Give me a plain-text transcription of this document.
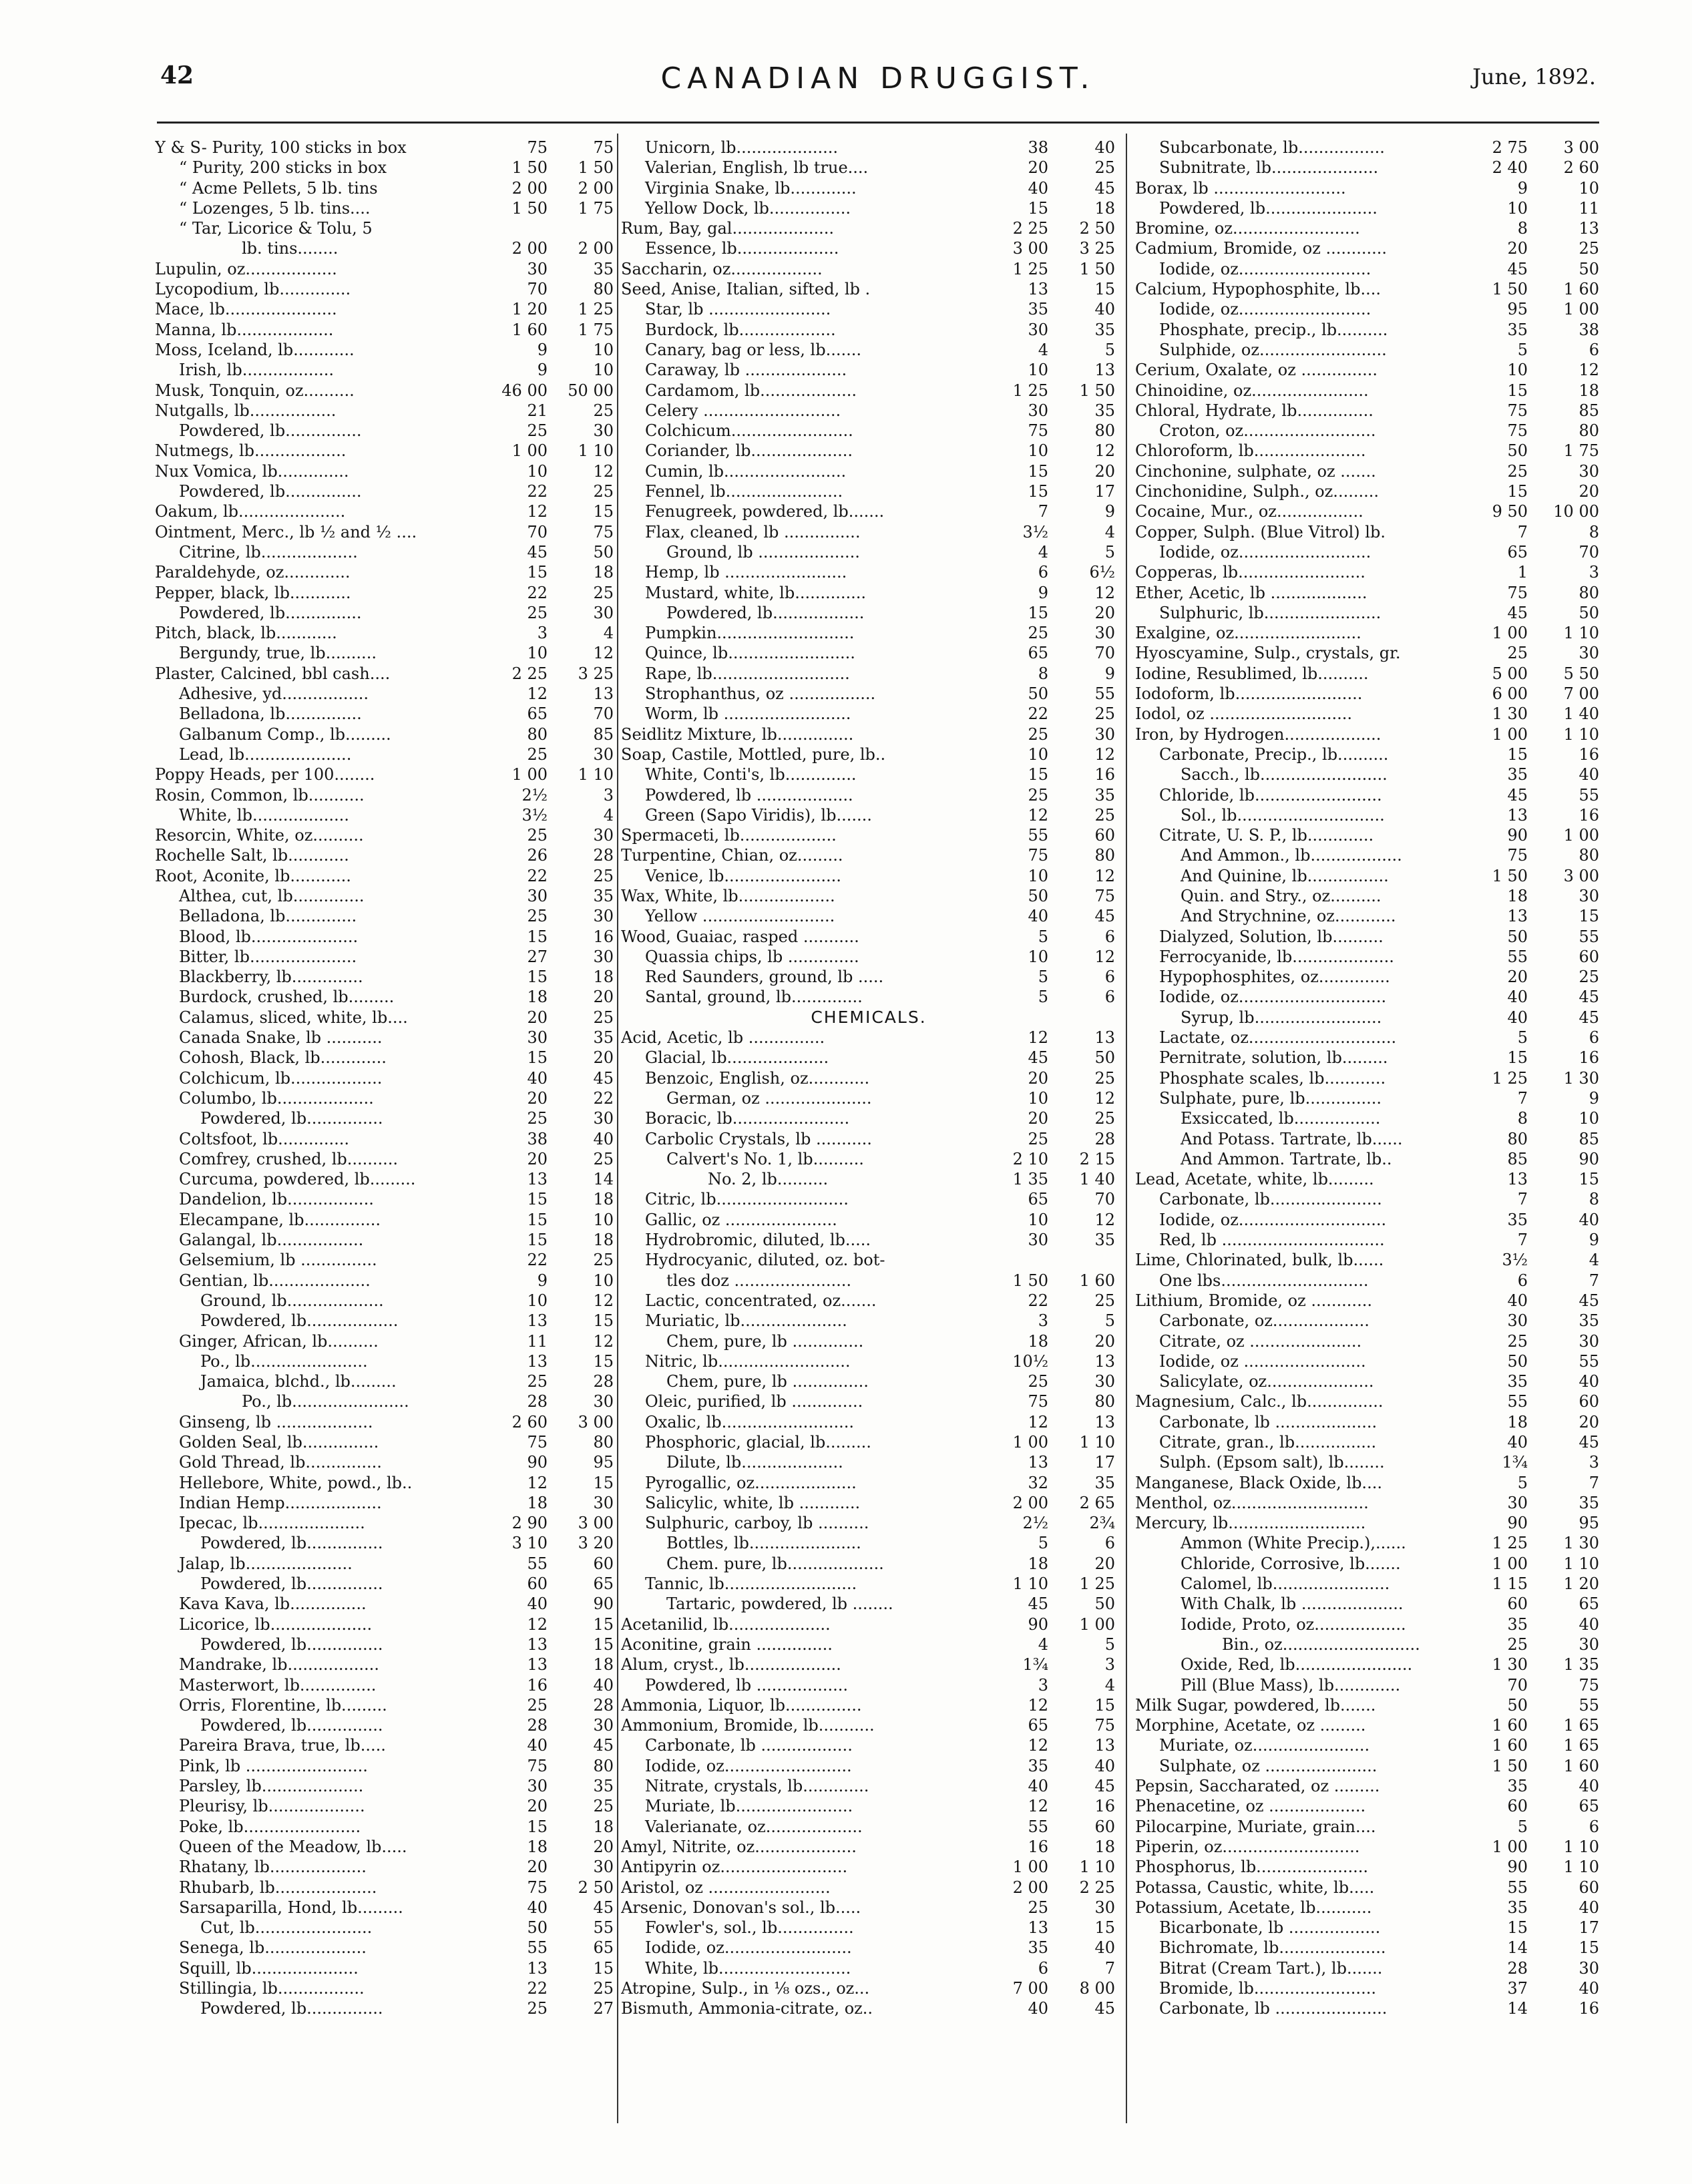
42	CANADIAN DRUGGIST.	June, 1892.
Y & S- Purity, 100 sticks in box	75	75
“ Purity, 200 sticks in box	1 50	1 50
“ Acme Pellets, 5 lb. tins	2 00	2 00
“ Lozenges, 5 lb. tins....	1 50	1 75
“ Tar, Licorice & Tolu, 5
lb. tins........	2 00	2 00
Lupulin, oz..................	30	35
Lycopodium, lb..............	70	80
Mace, lb......................	1 20	1 25
Manna, lb...................	1 60	1 75
Moss, Iceland, lb............	9	10
Irish, lb..................	9	10
Musk, Tonquin, oz..........	46 00	50 00
Nutgalls, lb.................	21	25
Powdered, lb...............	25	30
Nutmegs, lb..................	1 00	1 10
Nux Vomica, lb..............	10	12
Powdered, lb...............	22	25
Oakum, lb.....................	12	15
Ointment, Merc., lb ½ and ½ ....	70	75
Citrine, lb...................	45	50
Paraldehyde, oz.............	15	18
Pepper, black, lb............	22	25
Powdered, lb...............	25	30
Pitch, black, lb............	3	4
Bergundy, true, lb..........	10	12
Plaster, Calcined, bbl cash....	2 25	3 25
Adhesive, yd.................	12	13
Belladona, lb...............	65	70
Galbanum Comp., lb.........	80	85
Lead, lb.....................	25	30
Poppy Heads, per 100........	1 00	1 10
Rosin, Common, lb...........	2½	3
White, lb...................	3½	4
Resorcin, White, oz..........	25	30
Rochelle Salt, lb............	26	28
Root, Aconite, lb............	22	25
Althea, cut, lb..............	30	35
Belladona, lb..............	25	30
Blood, lb.....................	15	16
Bitter, lb.....................	27	30
Blackberry, lb..............	15	18
Burdock, crushed, lb.........	18	20
Calamus, sliced, white, lb....	20	25
Canada Snake, lb ...........	30	35
Cohosh, Black, lb.............	15	20
Colchicum, lb..................	40	45
Columbo, lb...................	20	22
Powdered, lb...............	25	30
Coltsfoot, lb..............	38	40
Comfrey, crushed, lb..........	20	25
Curcuma, powdered, lb.........	13	14
Dandelion, lb.................	15	18
Elecampane, lb...............	15	10
Galangal, lb.................	15	18
Gelsemium, lb ...............	22	25
Gentian, lb....................	9	10
Ground, lb...................	10	12
Powdered, lb..................	13	15
Ginger, African, lb..........	11	12
Po., lb.......................	13	15
Jamaica, blchd., lb.........	25	28
Po., lb.......................	28	30
Ginseng, lb ...................	2 60	3 00
Golden Seal, lb...............	75	80
Gold Thread, lb...............	90	95
Hellebore, White, powd., lb..	12	15
Indian Hemp...................	18	30
Ipecac, lb.....................	2 90	3 00
Powdered, lb...............	3 10	3 20
Jalap, lb.....................	55	60
Powdered, lb...............	60	65
Kava Kava, lb...............	40	90
Licorice, lb....................	12	15
Powdered, lb...............	13	15
Mandrake, lb..................	13	18
Masterwort, lb...............	16	40
Orris, Florentine, lb.........	25	28
Powdered, lb...............	28	30
Pareira Brava, true, lb.....	40	45
Pink, lb ........................	75	80
Parsley, lb....................	30	35
Pleurisy, lb...................	20	25
Poke, lb.......................	15	18
Queen of the Meadow, lb.....	18	20
Rhatany, lb...................	20	30
Rhubarb, lb....................	75	2 50
Sarsaparilla, Hond, lb.........	40	45
Cut, lb.......................	50	55
Senega, lb....................	55	65
Squill, lb.....................	13	15
Stillingia, lb.................	22	25
Powdered, lb...............	25	27
Unicorn, lb....................	38	40
Valerian, English, lb true....	20	25
Virginia Snake, lb.............	40	45
Yellow Dock, lb................	15	18
Rum, Bay, gal....................	2 25	2 50
Essence, lb....................	3 00	3 25
Saccharin, oz..................	1 25	1 50
Seed, Anise, Italian, sifted, lb .	13	15
Star, lb ........................	35	40
Burdock, lb...................	30	35
Canary, bag or less, lb.......	4	5
Caraway, lb ....................	10	13
Cardamom, lb...................	1 25	1 50
Celery ...........................	30	35
Colchicum........................	75	80
Coriander, lb....................	10	12
Cumin, lb........................	15	20
Fennel, lb.......................	15	17
Fenugreek, powdered, lb.......	7	9
Flax, cleaned, lb ...............	3½	4
Ground, lb ....................	4	5
Hemp, lb ........................	6	6½
Mustard, white, lb..............	9	12
Powdered, lb..................	15	20
Pumpkin...........................	25	30
Quince, lb.........................	65	70
Rape, lb...........................	8	9
Strophanthus, oz .................	50	55
Worm, lb .........................	22	25
Seidlitz Mixture, lb...............	25	30
Soap, Castile, Mottled, pure, lb..	10	12
White, Conti's, lb..............	15	16
Powdered, lb ...................	25	35
Green (Sapo Viridis), lb.......	12	25
Spermaceti, lb...................	55	60
Turpentine, Chian, oz.........	75	80
Venice, lb.......................	10	12
Wax, White, lb...................	50	75
Yellow ..........................	40	45
Wood, Guaiac, rasped ...........	5	6
Quassia chips, lb ..............	10	12
Red Saunders, ground, lb .....	5	6
Santal, ground, lb..............	5	6
CHEMICALS.
Acid, Acetic, lb ...............	12	13
Glacial, lb....................	45	50
Benzoic, English, oz............	20	25
German, oz .....................	10	12
Boracic, lb.......................	20	25
Carbolic Crystals, lb ...........	25	28
Calvert's No. 1, lb..........	2 10	2 15
No. 2, lb..........	1 35	1 40
Citric, lb..........................	65	70
Gallic, oz ......................	10	12
Hydrobromic, diluted, lb.....	30	35
Hydrocyanic, diluted, oz. bot-
tles doz .......................	1 50	1 60
Lactic, concentrated, oz.......	22	25
Muriatic, lb.....................	3	5
Chem, pure, lb ..............	18	20
Nitric, lb..........................	10½	13
Chem, pure, lb ...............	25	30
Oleic, purified, lb ..............	75	80
Oxalic, lb..........................	12	13
Phosphoric, glacial, lb.........	1 00	1 10
Dilute, lb....................	13	17
Pyrogallic, oz....................	32	35
Salicylic, white, lb ............	2 00	2 65
Sulphuric, carboy, lb ..........	2½	2¾
Bottles, lb......................	5	6
Chem. pure, lb...................	18	20
Tannic, lb..........................	1 10	1 25
Tartaric, powdered, lb ........	45	50
Acetanilid, lb....................	90	1 00
Aconitine, grain ...............	4	5
Alum, cryst., lb...................	1¾	3
Powdered, lb ..................	3	4
Ammonia, Liquor, lb...............	12	15
Ammonium, Bromide, lb...........	65	75
Carbonate, lb ..................	12	13
Iodide, oz.........................	35	40
Nitrate, crystals, lb.............	40	45
Muriate, lb.......................	12	16
Valerianate, oz...................	55	60
Amyl, Nitrite, oz....................	16	18
Antipyrin oz.........................	1 00	1 10
Aristol, oz ........................	2 00	2 25
Arsenic, Donovan's sol., lb.....	25	30
Fowler's, sol., lb...............	13	15
Iodide, oz.........................	35	40
White, lb..........................	6	7
Atropine, Sulp., in ⅛ ozs., oz...	7 00	8 00
Bismuth, Ammonia-citrate, oz..	40	45
Subcarbonate, lb.................	2 75	3 00
Subnitrate, lb.....................	2 40	2 60
Borax, lb ..........................	9	10
Powdered, lb......................	10	11
Bromine, oz.........................	8	13
Cadmium, Bromide, oz ............	20	25
Iodide, oz..........................	45	50
Calcium, Hypophosphite, lb....	1 50	1 60
Iodide, oz..........................	95	1 00
Phosphate, precip., lb..........	35	38
Sulphide, oz.........................	5	6
Cerium, Oxalate, oz ...............	10	12
Chinoidine, oz.......................	15	18
Chloral, Hydrate, lb...............	75	85
Croton, oz..........................	75	80
Chloroform, lb......................	50	1 75
Cinchonine, sulphate, oz .......	25	30
Cinchonidine, Sulph., oz.........	15	20
Cocaine, Mur., oz.................	9 50	10 00
Copper, Sulph. (Blue Vitrol) lb.	7	8
Iodide, oz..........................	65	70
Copperas, lb.........................	1	3
Ether, Acetic, lb ...................	75	80
Sulphuric, lb.......................	45	50
Exalgine, oz.........................	1 00	1 10
Hyoscyamine, Sulp., crystals, gr.	25	30
Iodine, Resublimed, lb..........	5 00	5 50
Iodoform, lb.........................	6 00	7 00
Iodol, oz ............................	1 30	1 40
Iron, by Hydrogen...................	1 00	1 10
Carbonate, Precip., lb..........	15	16
Sacch., lb.........................	35	40
Chloride, lb.........................	45	55
Sol., lb.............................	13	16
Citrate, U. S. P., lb.............	90	1 00
And Ammon., lb..................	75	80
And Quinine, lb................	1 50	3 00
Quin. and Stry., oz..........	18	30
And Strychnine, oz............	13	15
Dialyzed, Solution, lb..........	50	55
Ferrocyanide, lb....................	55	60
Hypophosphites, oz..............	20	25
Iodide, oz.............................	40	45
Syrup, lb.........................	40	45
Lactate, oz.............................	5	6
Pernitrate, solution, lb.........	15	16
Phosphate scales, lb............	1 25	1 30
Sulphate, pure, lb...............	7	9
Exsiccated, lb.................	8	10
And Potass. Tartrate, lb......	80	85
And Ammon. Tartrate, lb..	85	90
Lead, Acetate, white, lb.........	13	15
Carbonate, lb......................	7	8
Iodide, oz.............................	35	40
Red, lb ................................	7	9
Lime, Chlorinated, bulk, lb......	3½	4
One lbs.............................	6	7
Lithium, Bromide, oz ............	40	45
Carbonate, oz...................	30	35
Citrate, oz ......................	25	30
Iodide, oz ........................	50	55
Salicylate, oz.....................	35	40
Magnesium, Calc., lb...............	55	60
Carbonate, lb ....................	18	20
Citrate, gran., lb................	40	45
Sulph. (Epsom salt), lb........	1¾	3
Manganese, Black Oxide, lb....	5	7
Menthol, oz...........................	30	35
Mercury, lb...........................	90	95
Ammon (White Precip.),......	1 25	1 30
Chloride, Corrosive, lb.......	1 00	1 10
Calomel, lb.......................	1 15	1 20
With Chalk, lb ....................	60	65
Iodide, Proto, oz..................	35	40
Bin., oz...........................	25	30
Oxide, Red, lb.......................	1 30	1 35
Pill (Blue Mass), lb.............	70	75
Milk Sugar, powdered, lb.......	50	55
Morphine, Acetate, oz .........	1 60	1 65
Muriate, oz.......................	1 60	1 65
Sulphate, oz ......................	1 50	1 60
Pepsin, Saccharated, oz .........	35	40
Phenacetine, oz ...................	60	65
Pilocarpine, Muriate, grain....	5	6
Piperin, oz...........................	1 00	1 10
Phosphorus, lb......................	90	1 10
Potassa, Caustic, white, lb.....	55	60
Potassium, Acetate, lb...........	35	40
Bicarbonate, lb ..................	15	17
Bichromate, lb.....................	14	15
Bitrat (Cream Tart.), lb.......	28	30
Bromide, lb........................	37	40
Carbonate, lb ......................	14	16
